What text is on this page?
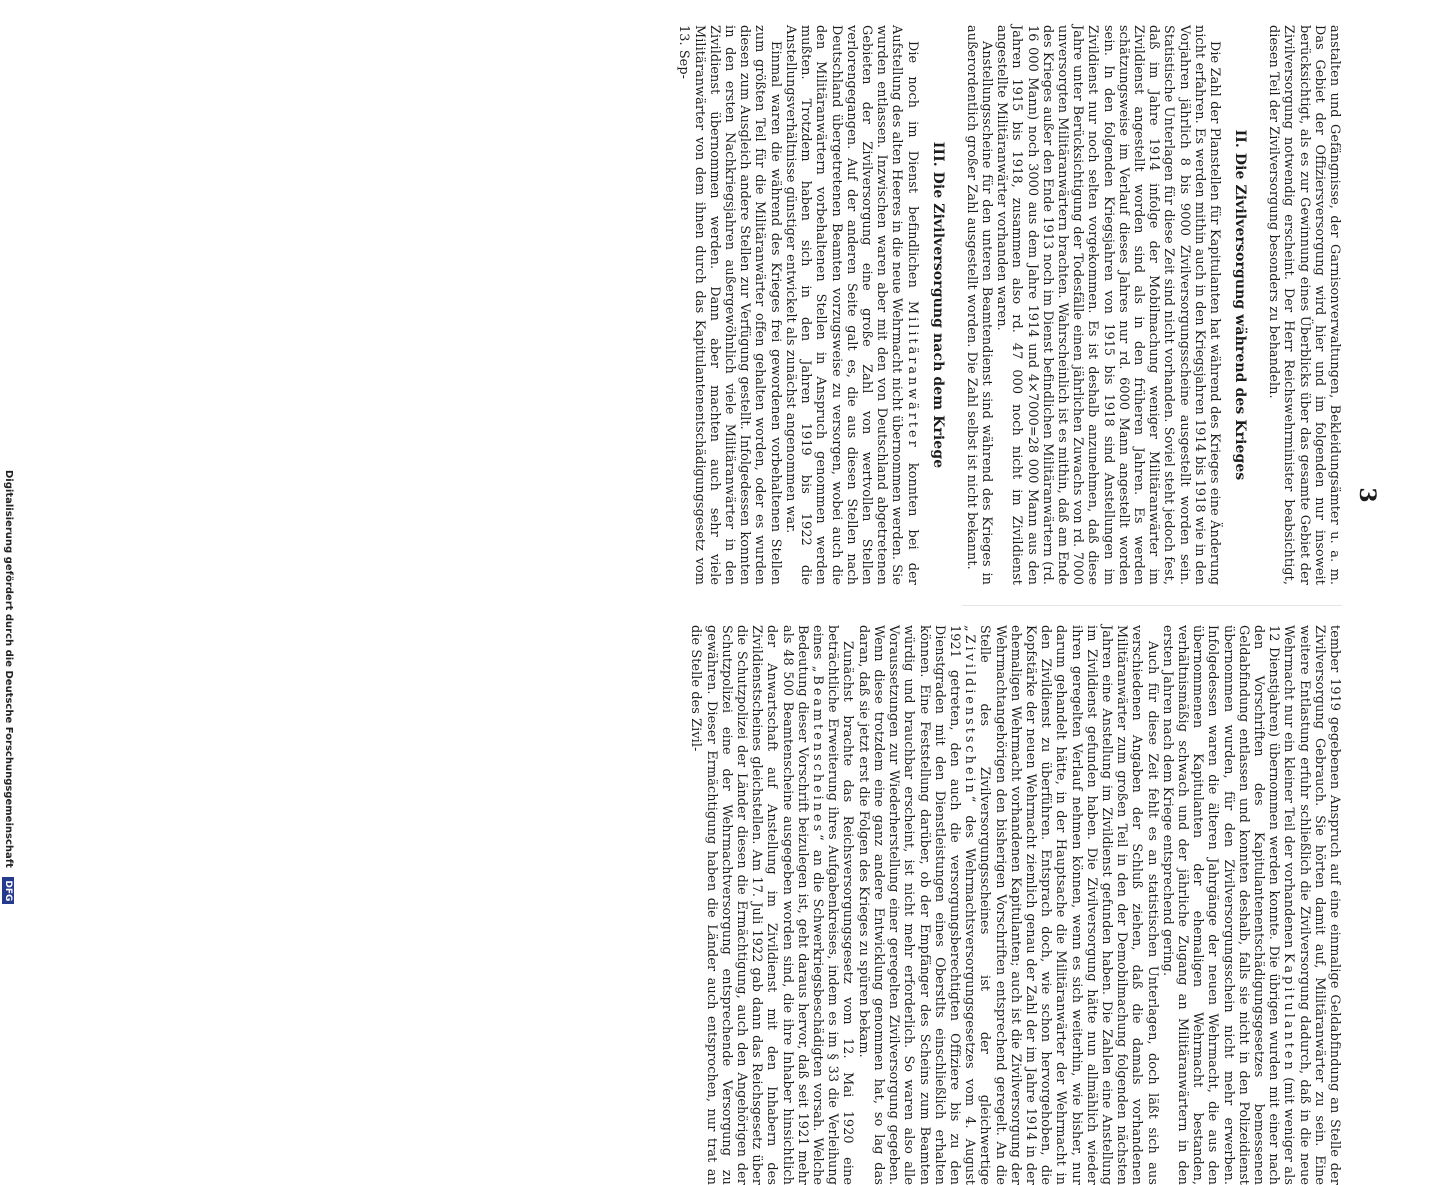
3

anstalten und Gefängnisse, der Garnisonverwaltungen, Bekleidungsämter u. a. m. Das Gebiet der Offiziersversorgung wird hier und im folgenden nur insoweit berücksichtigt, als es zur Gewinnung eines Überblicks über das gesamte Gebiet der Zivilversorgung notwendig erscheint. Der Herr Reichswehrminister beabsichtigt, diesen Teil der Zivilversorgung besonders zu behandeln.

II. Die Zivilversorgung während des Krieges

Die Zahl der Planstellen für Kapitulanten hat während des Krieges eine Änderung nicht erfahren. Es werden mithin auch in den Kriegsjahren 1914 bis 1918 wie in den Vorjahren jährlich 8 bis 9000 Zivilversorgungsscheine ausgestellt worden sein. Statistische Unterlagen für diese Zeit sind nicht vorhanden. Soviel steht jedoch fest, daß im Jahre 1914 infolge der Mobilmachung weniger Militäranwärter im Zivildienst angestellt worden sind als in den früheren Jahren. Es werden schätzungsweise im Verlauf dieses Jahres nur rd. 6000 Mann angestellt worden sein. In den folgenden Kriegsjahren von 1915 bis 1918 sind Anstellungen im Zivildienst nur noch selten vorgekommen. Es ist deshalb anzunehmen, daß diese Jahre unter Berücksichtigung der Todesfälle einen jährlichen Zuwachs von rd. 7000 unversorgten Militäranwärtern brachten. Wahrscheinlich ist es mithin, daß am Ende des Krieges außer den Ende 1913 noch im Dienst befindlichen Militäranwärtern (rd. 16 000 Mann) noch 3000 aus dem Jahre 1914 und 4×7000=28 000 Mann aus den Jahren 1915 bis 1918, zusammen also rd. 47 000 noch nicht im Zivildienst angestellte Militäranwärter vorhanden waren.

Anstellungsscheine für den unteren Beamtendienst sind während des Krieges in außerordentlich großer Zahl ausgestellt worden. Die Zahl selbst ist nicht bekannt.

III. Die Zivilversorgung nach dem Kriege

Die noch im Dienst befindlichen Militäranwärter konnten bei der Aufstellung des alten Heeres in die neue Wehrmacht nicht übernommen werden. Sie wurden entlassen. Inzwischen waren aber mit den von Deutschland abgetretenen Gebieten der Zivilversorgung eine große Zahl von wertvollen Stellen verlorengegangen. Auf der anderen Seite galt es, die aus diesen Stellen nach Deutschland übergetretenen Beamten vorzugsweise zu versorgen, wobei auch die den Militäranwärtern vorbehaltenen Stellen in Anspruch genommen werden mußten. Trotzdem haben sich in den Jahren 1919 bis 1922 die Anstellungsverhältnisse günstiger entwickelt als zunächst angenommen war.

Einmal waren die während des Krieges frei gewordenen vorbehaltenen Stellen zum größten Teil für die Militäranwärter offen gehalten worden, oder es wurden diesen zum Ausgleich andere Stellen zur Verfügung gestellt. Infolgedessen konnten in den ersten Nachkriegsjahren außergewöhnlich viele Militäranwärter in den Zivildienst übernommen werden. Dann aber machten auch sehr viele Militäranwärter von dem ihnen durch das Kapitulantenentschädigungsgesetz vom 13. Sep-

tember 1919 gegebenen Anspruch auf eine einmalige Geldabfindung an Stelle der Zivilversorgung Gebrauch. Sie hörten damit auf, Militäranwärter zu sein. Eine weitere Entlastung erfuhr schließlich die Zivilversorgung dadurch, daß in die neue Wehrmacht nur ein kleiner Teil der vorhandenen Kapitulanten (mit weniger als 12 Dienstjahren) übernommen werden konnte. Die übrigen wurden mit einer nach den Vorschriften des Kapitulantenentschädigungsgesetzes bemessenen Geldabfindung entlassen und konnten deshalb, falls sie nicht in den Polizeidienst übernommen wurden, für den Zivilversorgungsschein nicht mehr erwerben. Infolgedessen waren die älteren Jahrgänge der neuen Wehrmacht, die aus den übernommenen Kapitulanten der ehemaligen Wehrmacht bestanden, verhältnismäßig schwach und der jährliche Zugang an Militäranwärtern in den ersten Jahren nach dem Kriege entsprechend gering.

Auch für diese Zeit fehlt es an statistischen Unterlagen, doch läßt sich aus verschiedenen Angaben der Schluß ziehen, daß die damals vorhandenen Militäranwärter zum großen Teil in den der Demobilmachung folgenden nächsten Jahren eine Anstellung im Zivildienst gefunden haben. Die Zahlen eine Anstellung im Zivildienst gefunden haben. Die Zivilversorgung hätte nun allmählich wieder ihren geregelten Verlauf nehmen können, wenn es sich weiterhin, wie bisher, nur darum gehandelt hätte, in der Hauptsache die Militäranwärter der Wehrmacht in den Zivildienst zu überführen. Entsprach doch, wie schon hervorgehoben, die Kopfstärke der neuen Wehrmacht ziemlich genau der Zahl der im Jahre 1914 in der ehemaligen Wehrmacht vorhandenen Kapitulanten; auch ist die Zivilversorgung der Wehrmachtangehörigen den bisherigen Vorschriften entsprechend geregelt. An die Stelle des Zivilversorgungsscheines ist der gleichwertige „Zivildienstschein“ des Wehrmachtsversorgungsgesetzes vom 4. August 1921 getreten, den auch die versorgungsberechtigten Offiziere bis zu den Dienstgraden mit den Dienstleistungen eines Oberstlts einschließlich erhalten können. Eine Feststellung darüber, ob der Empfänger des Scheins zum Beamten würdig und brauchbar erscheint, ist nicht mehr erforderlich. So waren also alle Voraussetzungen zur Wiederherstellung einer geregelten Zivilversorgung gegeben. Wenn diese trotzdem eine ganz andere Entwicklung genommen hat, so lag das daran, daß sie jetzt erst die Folgen des Krieges zu spüren bekam.

Zunächst brachte das Reichsversorgungsgesetz vom 12. Mai 1920 eine beträchtliche Erweiterung ihres Aufgabenkreises, indem es im § 33 die Verleihung eines „Beamtenscheines“ an die Schwerkriegsbeschädigten vorsah. Welche Bedeutung dieser Vorschrift beizulegen ist, geht daraus hervor, daß seit 1921 mehr als 48 500 Beamtenscheine ausgegeben worden sind, die ihre Inhaber hinsichtlich der Anwartschaft auf Anstellung im Zivildienst mit den Inhabern des Zivildienstscheines gleichstellen. Am 17. Juli 1922 gab dann das Reichsgesetz über die Schutzpolizei der Länder diesen die Ermächtigung, auch den Angehörigen der Schutzpolizei eine der Wehrmachtversorgung entsprechende Versorgung zu gewähren. Dieser Ermächtigung haben die Länder auch entsprochen, nur trat an die Stelle des Zivil-

Digitalisierung gefördert durch die Deutsche Forschungsgemeinschaft DFG
